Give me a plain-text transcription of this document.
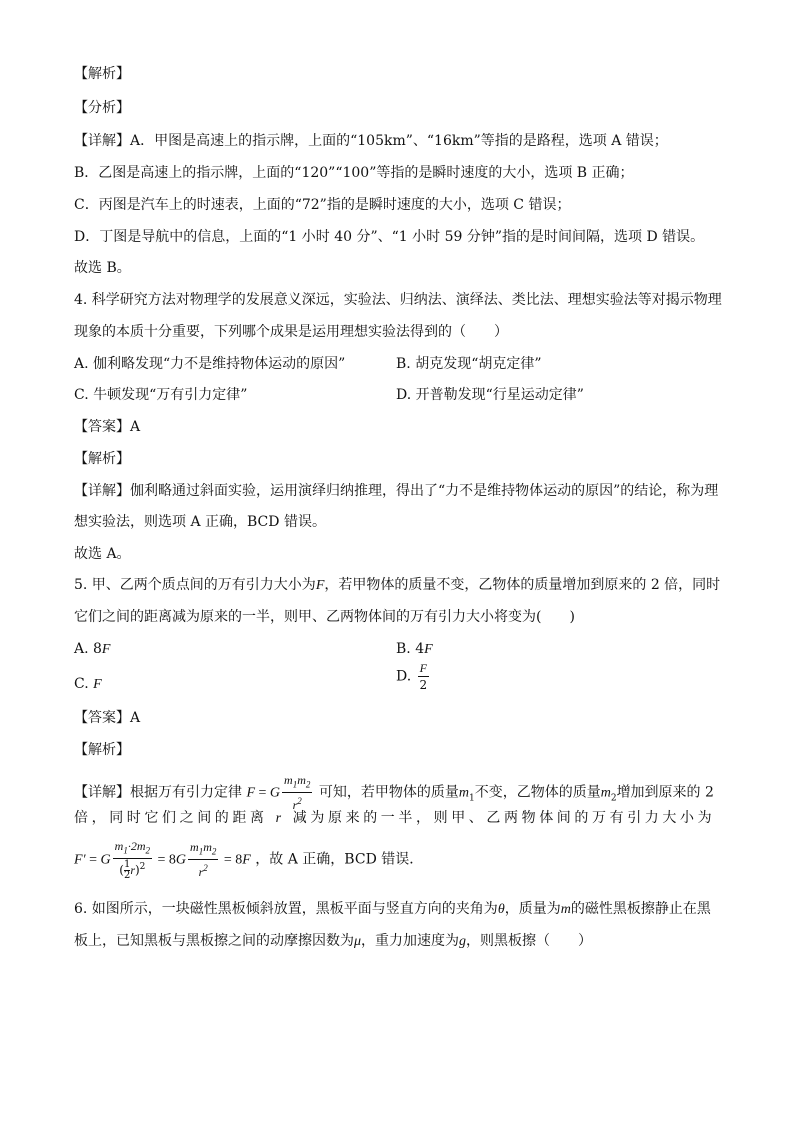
【解析】
【分析】
【详解】A．甲图是高速上的指示牌，上面的“105km”、“16km”等指的是路程，选项 A 错误；
B．乙图是高速上的指示牌，上面的“120”“100”等指的是瞬时速度的大小，选项 B 正确；
C．丙图是汽车上的时速表，上面的“72”指的是瞬时速度的大小，选项 C 错误；
D．丁图是导航中的信息，上面的“1 小时 40 分”、“1 小时 59 分钟”指的是时间间隔，选项 D 错误。
故选 B。
4. 科学研究方法对物理学的发展意义深远，实验法、归纳法、演绎法、类比法、理想实验法等对揭示物理
现象的本质十分重要，下列哪个成果是运用理想实验法得到的（　　）
A. 伽利略发现“力不是维持物体运动的原因”	B. 胡克发现“胡克定律”
C. 牛顿发现“万有引力定律”	D. 开普勒发现“行星运动定律”
【答案】A
【解析】
【详解】伽利略通过斜面实验，运用演绎归纳推理，得出了“力不是维持物体运动的原因”的结论，称为理
想实验法，则选项 A 正确，BCD 错误。
故选 A。
5. 甲、乙两个质点间的万有引力大小为F，若甲物体的质量不变，乙物体的质量增加到原来的 2 倍，同时
它们之间的距离减为原来的一半，则甲、乙两物体间的万有引力大小将变为(　　)
A. 8F	B. 4F
C. F	D. $\frac{F}{2}$
【答案】A
【解析】
【详解】根据万有引力定律 F = G $\frac{m_1m_2}{r^2}$ 可知，若甲物体的质量$m_1$不变，乙物体的质量$m_2$增加到原来的 2
倍，同时它们之间的距离 r 减为原来的一半，则甲、乙两物体间的万有引力大小为
F′ = G $\frac{m_1\cdot 2m_2}{( \frac{1}{2} r)^2} = 8G \frac{m_1m_2}{r^2} = 8F$ ，故 A 正确，BCD 错误．
6. 如图所示，一块磁性黑板倾斜放置，黑板平面与竖直方向的夹角为θ，质量为m的磁性黑板擦静止在黑
板上，已知黑板与黑板擦之间的动摩擦因数为μ，重力加速度为g，则黑板擦（　　）
